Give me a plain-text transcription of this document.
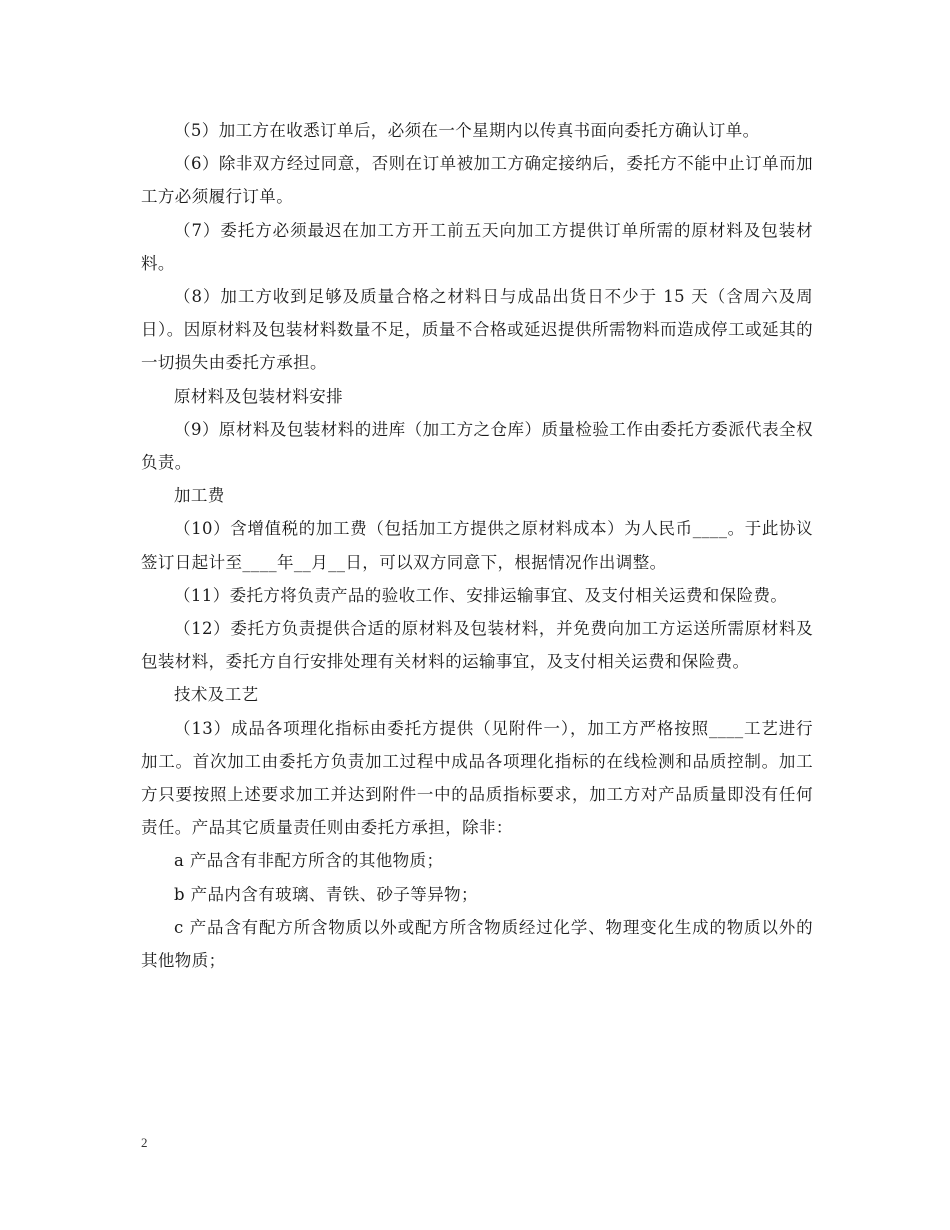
（5）加工方在收悉订单后，必须在一个星期内以传真书面向委托方确认订单。

（6）除非双方经过同意，否则在订单被加工方确定接纳后，委托方不能中止订单而加工方必须履行订单。

（7）委托方必须最迟在加工方开工前五天向加工方提供订单所需的原材料及包装材料。

（8）加工方收到足够及质量合格之材料日与成品出货日不少于 15 天（含周六及周日）。因原材料及包装材料数量不足，质量不合格或延迟提供所需物料而造成停工或延其的一切损失由委托方承担。

原材料及包装材料安排

（9）原材料及包装材料的进库（加工方之仓库）质量检验工作由委托方委派代表全权负责。

加工费

（10）含增值税的加工费（包括加工方提供之原材料成本）为人民币____。于此协议签订日起计至____年__月__日，可以双方同意下，根据情况作出调整。

（11）委托方将负责产品的验收工作、安排运输事宜、及支付相关运费和保险费。

（12）委托方负责提供合适的原材料及包装材料，并免费向加工方运送所需原材料及包装材料，委托方自行安排处理有关材料的运输事宜，及支付相关运费和保险费。

技术及工艺

（13）成品各项理化指标由委托方提供（见附件一），加工方严格按照____工艺进行加工。首次加工由委托方负责加工过程中成品各项理化指标的在线检测和品质控制。加工方只要按照上述要求加工并达到附件一中的品质指标要求，加工方对产品质量即没有任何责任。产品其它质量责任则由委托方承担，除非：

a 产品含有非配方所含的其他物质；

b 产品内含有玻璃、青铁、砂子等异物；

c 产品含有配方所含物质以外或配方所含物质经过化学、物理变化生成的物质以外的其他物质；

2
